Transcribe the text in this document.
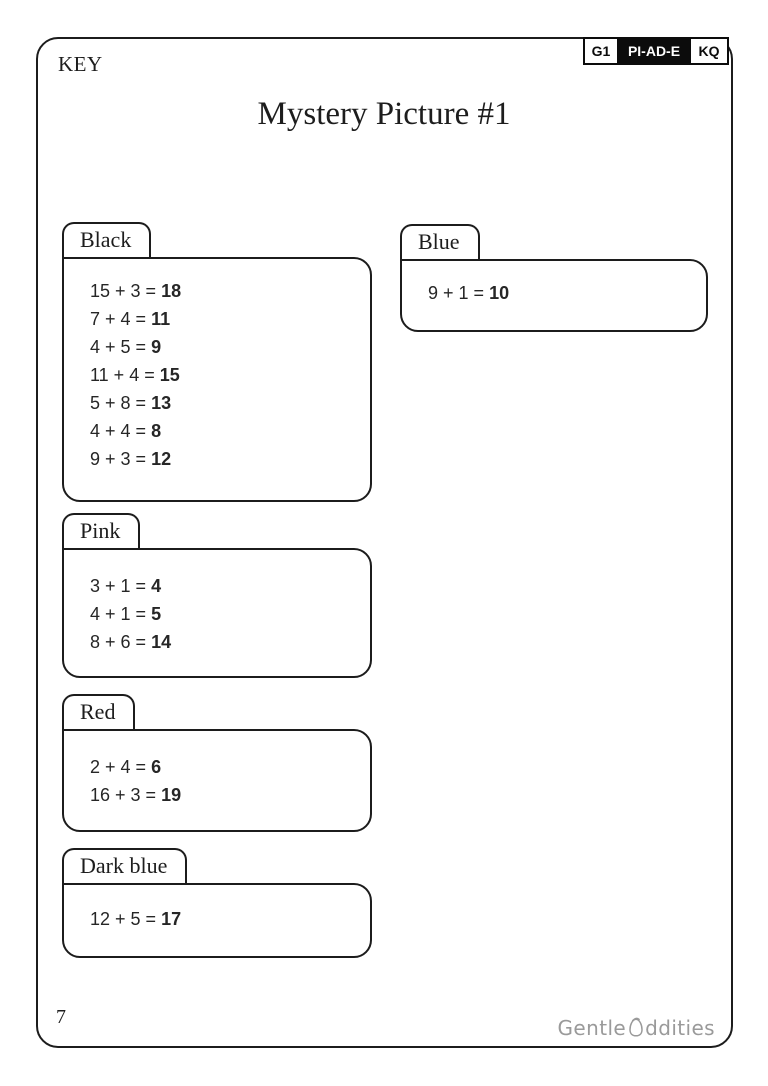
KEY
G1	PI-AD-E	KQ
Mystery Picture #1
Black
15 + 3 = 18
7 + 4 = 11
4 + 5 = 9
11 + 4 = 15
5 + 8 = 13
4 + 4 = 8
9 + 3 = 12
Blue
9 + 1 = 10
Pink
3 + 1 = 4
4 + 1 = 5
8 + 6 = 14
Red
2 + 4 = 6
16 + 3 = 19
Dark blue
12 + 5 = 17
7	Gentle ddities
